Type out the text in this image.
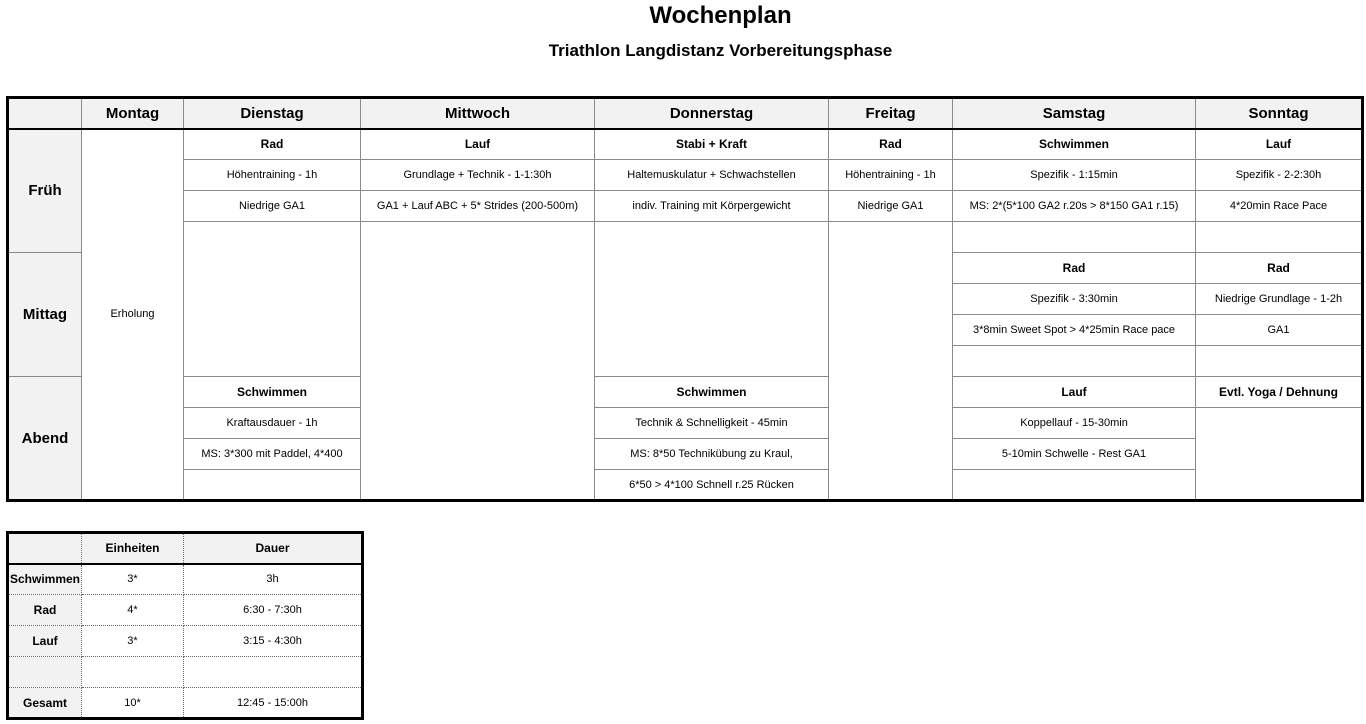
Wochenplan
Triathlon Langdistanz Vorbereitungsphase
	Montag	Dienstag	Mittwoch	Donnerstag	Freitag	Samstag	Sonntag
Früh	Erholung	Rad	Lauf	Stabi + Kraft	Rad	Schwimmen	Lauf
		Höhentraining - 1h	Grundlage + Technik - 1-1:30h	Haltemuskulatur + Schwachstellen	Höhentraining - 1h	Spezifik - 1:15min	Spezifik - 2-2:30h
		Niedrige GA1	GA1 + Lauf ABC + 5* Strides (200-500m)	indiv. Training mit Körpergewicht	Niedrige GA1	MS: 2*(5*100 GA2 r.20s > 8*150 GA1 r.15)	4*20min Race Pace

Mittag						Rad	Rad
						Spezifik - 3:30min	Niedrige Grundlage - 1-2h
						3*8min Sweet Spot > 4*25min Race pace	GA1

Abend		Schwimmen		Schwimmen		Lauf	Evtl. Yoga / Dehnung
		Kraftausdauer - 1h		Technik & Schnelligkeit - 45min		Koppellauf - 15-30min	
		MS: 3*300 mit Paddel, 4*400		MS: 8*50 Technikübung zu Kraul,		5-10min Schwelle - Rest GA1	
				6*50 > 4*100 Schnell r.25 Rücken			
	Einheiten	Dauer
Schwimmen	3*	3h
Rad	4*	6:30 - 7:30h
Lauf	3*	3:15 - 4:30h

Gesamt	10*	12:45 - 15:00h
